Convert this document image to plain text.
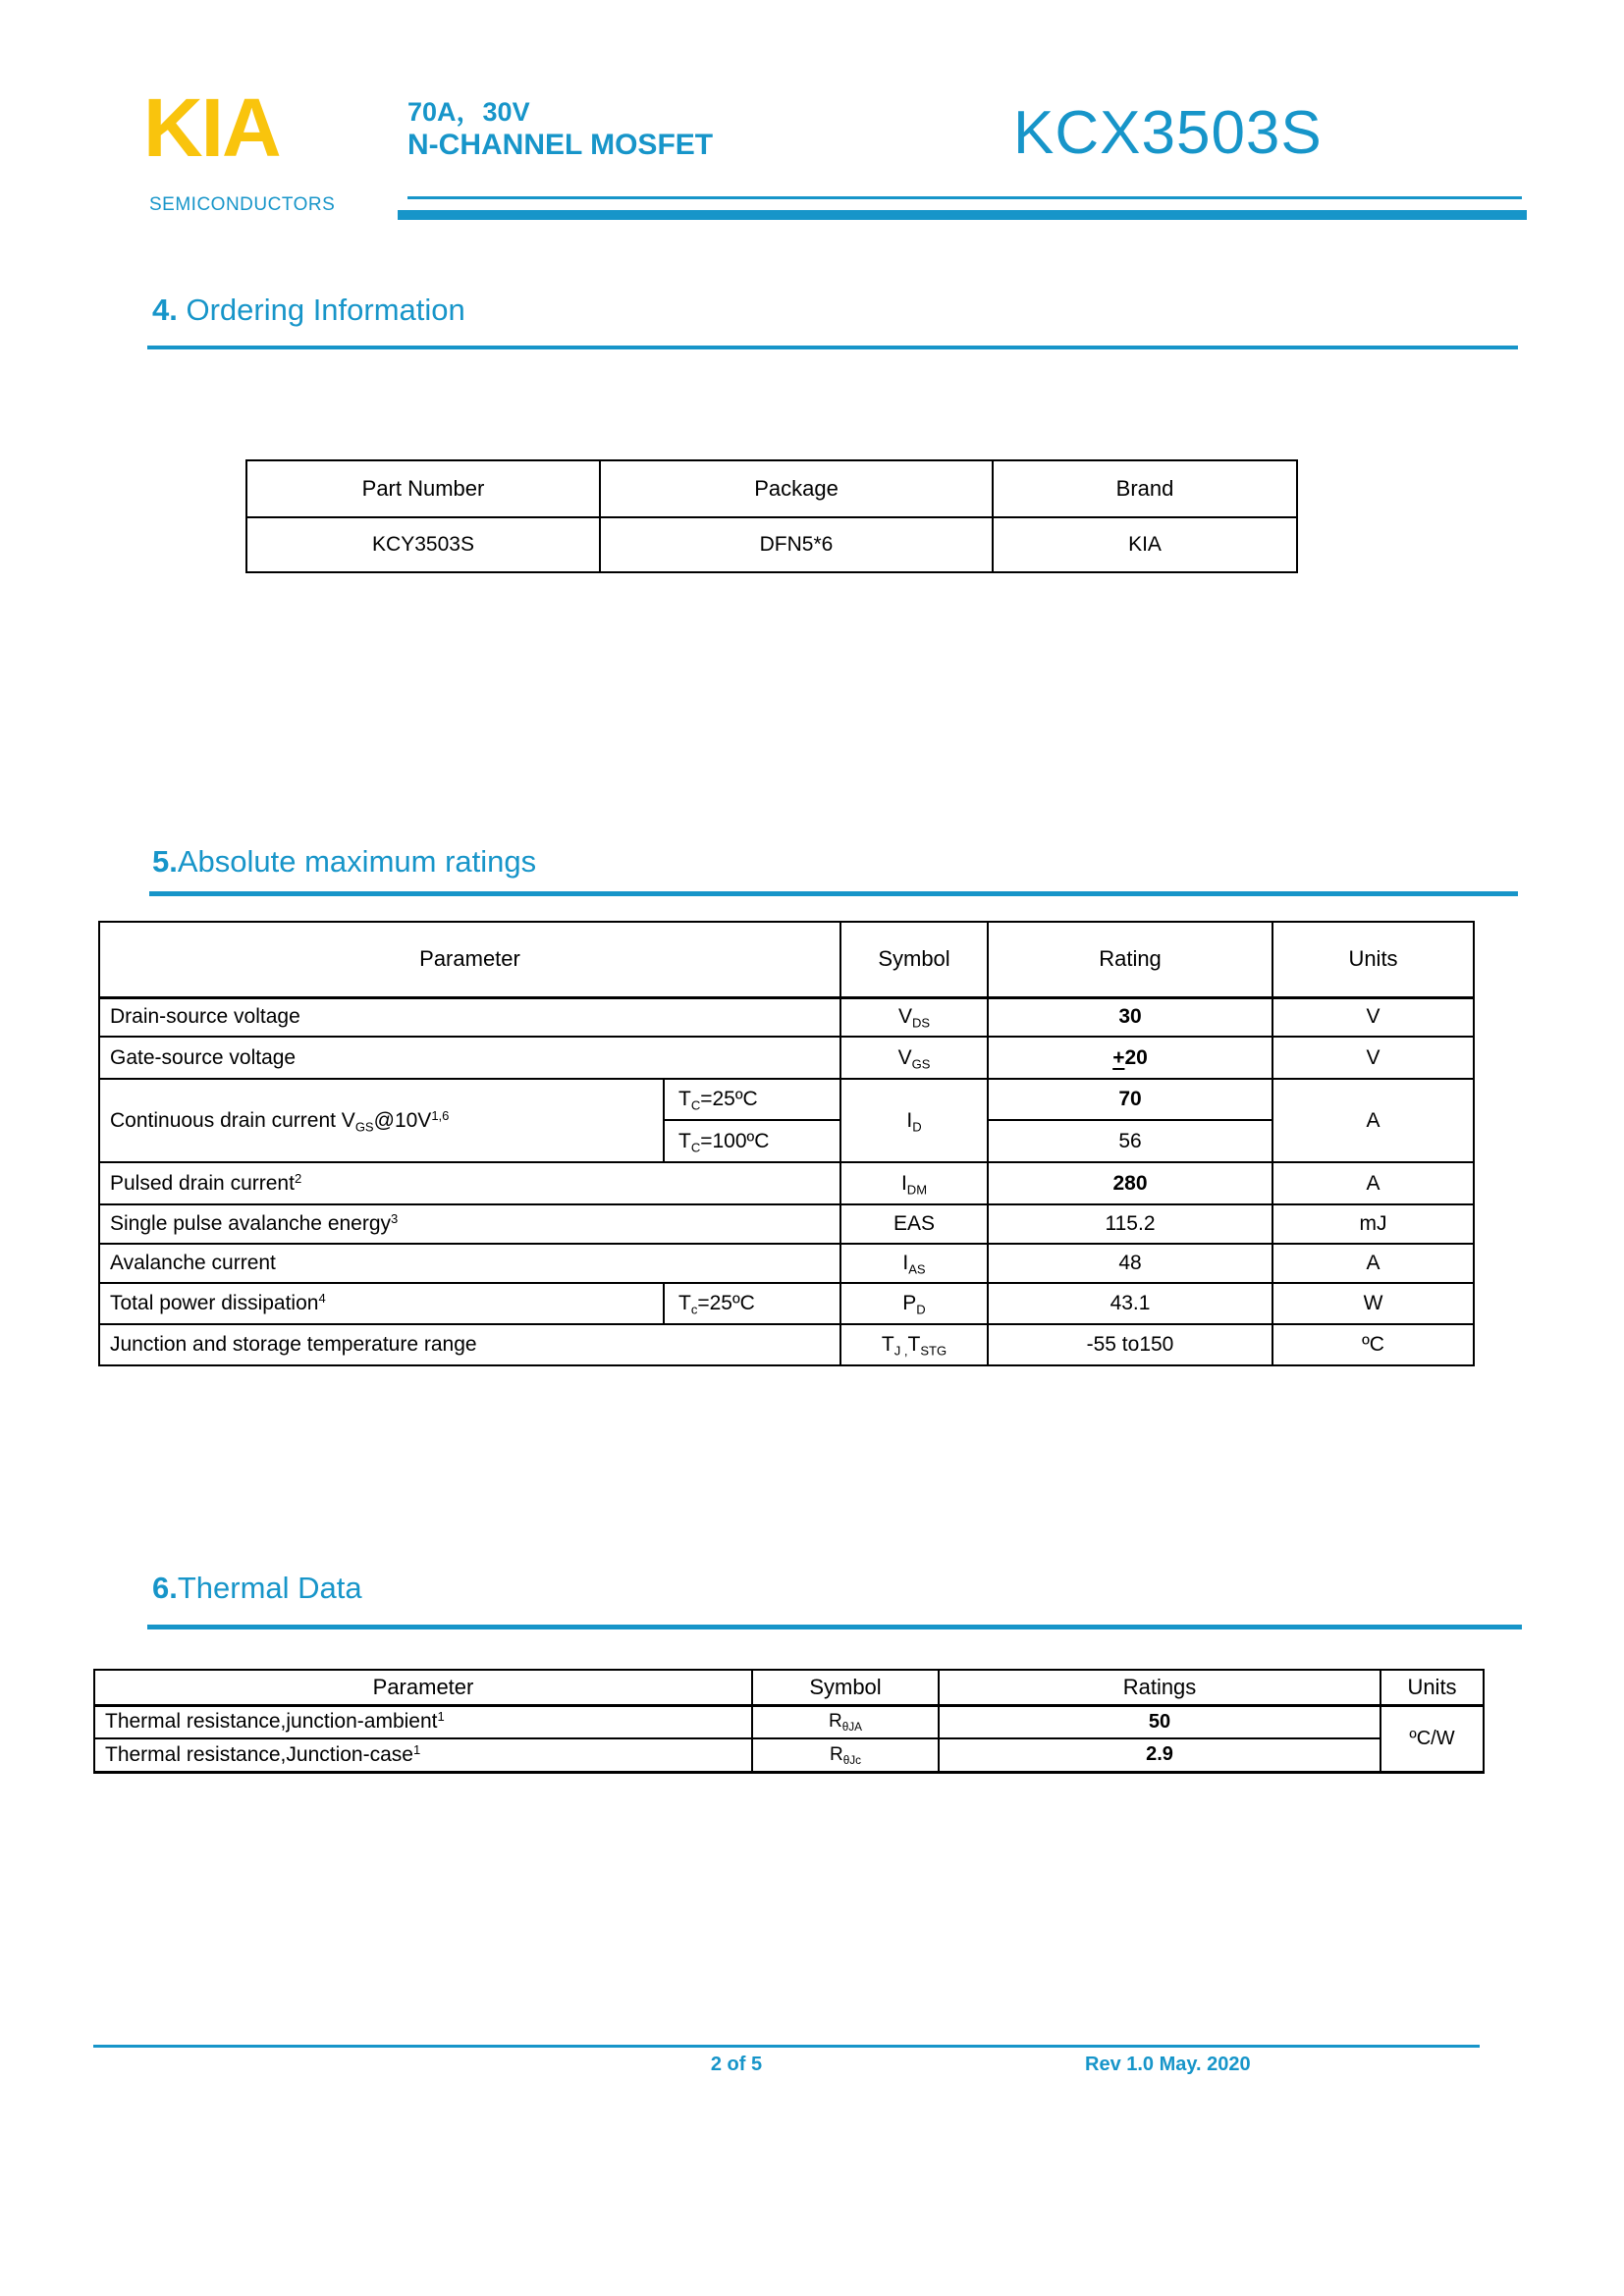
KIA
SEMICONDUCTORS
70A，30V
N-CHANNEL MOSFET	KCX3503S
4. Ordering Information
Part Number	Package	Brand
KCY3503S	DFN5*6	KIA
5.Absolute maximum ratings
Parameter		Symbol	Rating	Units
Drain-source voltage		$V_{DS}$	30	V
Gate-source voltage		$V_{GS}$	+20	V
Continuous drain current $V_{GS}@10V^{1,6}$	$T_C=25ºC$	$I_D$	70	A
	$T_C=100ºC$		56	
Pulsed drain current$^2$		$I_{DM}$	280	A
Single pulse avalanche energy$^3$		EAS	115.2	mJ
Avalanche current		$I_{AS}$	48	A
Total power dissipation$^4$	$T_c=25ºC$	$P_D$	43.1	W
Junction and storage temperature range		$T_{J ,}T_{STG}$	-55 to150	ºC
6.Thermal Data
Parameter	Symbol	Ratings	Units
Thermal resistance,junction-ambient$^1$	$R_{\theta JA}$	50	ºC/W
Thermal resistance,Junction-case$^1$	$R_{\theta Jc}$	2.9	
2 of 5	Rev 1.0 May. 2020
